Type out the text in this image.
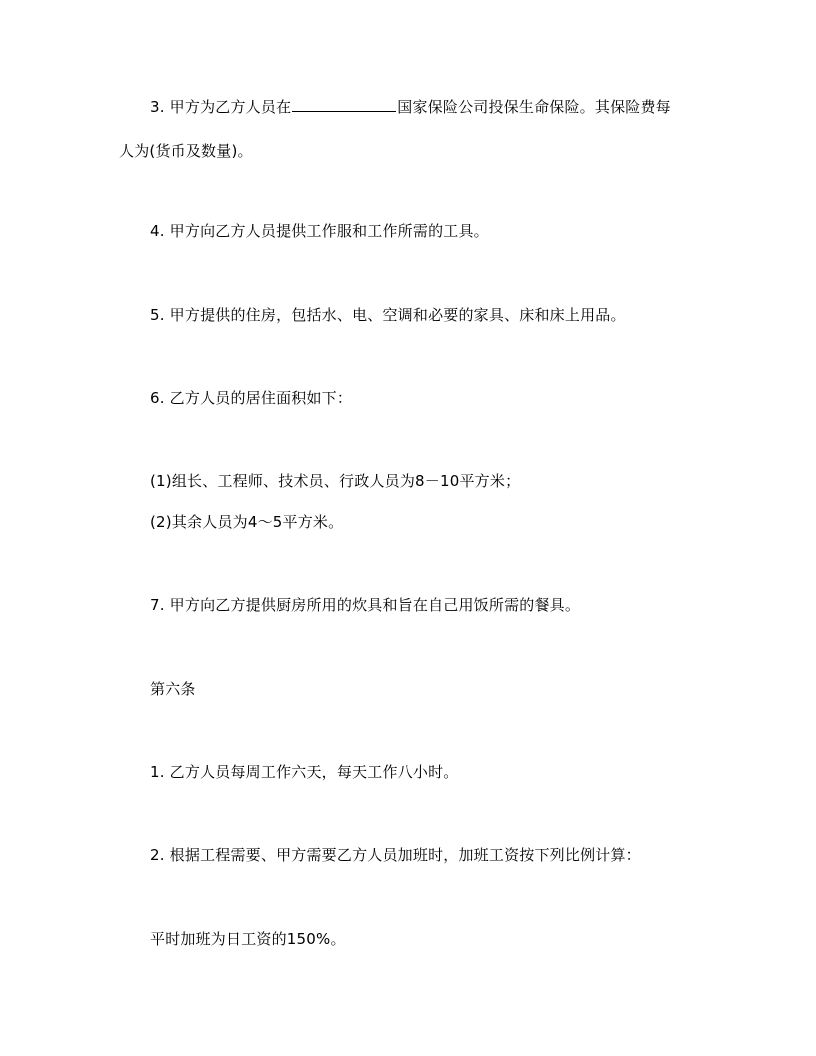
3. 甲方为乙方人员在	国家保险公司投保生命保险。其保险费每
人为(货币及数量)。
4. 甲方向乙方人员提供工作服和工作所需的工具。
5. 甲方提供的住房，包括水、电、空调和必要的家具、床和床上用品。
6. 乙方人员的居住面积如下：
(1)组长、工程师、技术员、行政人员为8－10平方米；
(2)其余人员为4～5平方米。
7. 甲方向乙方提供厨房所用的炊具和旨在自己用饭所需的餐具。
第六条
1. 乙方人员每周工作六天，每天工作八小时。
2. 根据工程需要、甲方需要乙方人员加班时，加班工资按下列比例计算：
平时加班为日工资的150%。
